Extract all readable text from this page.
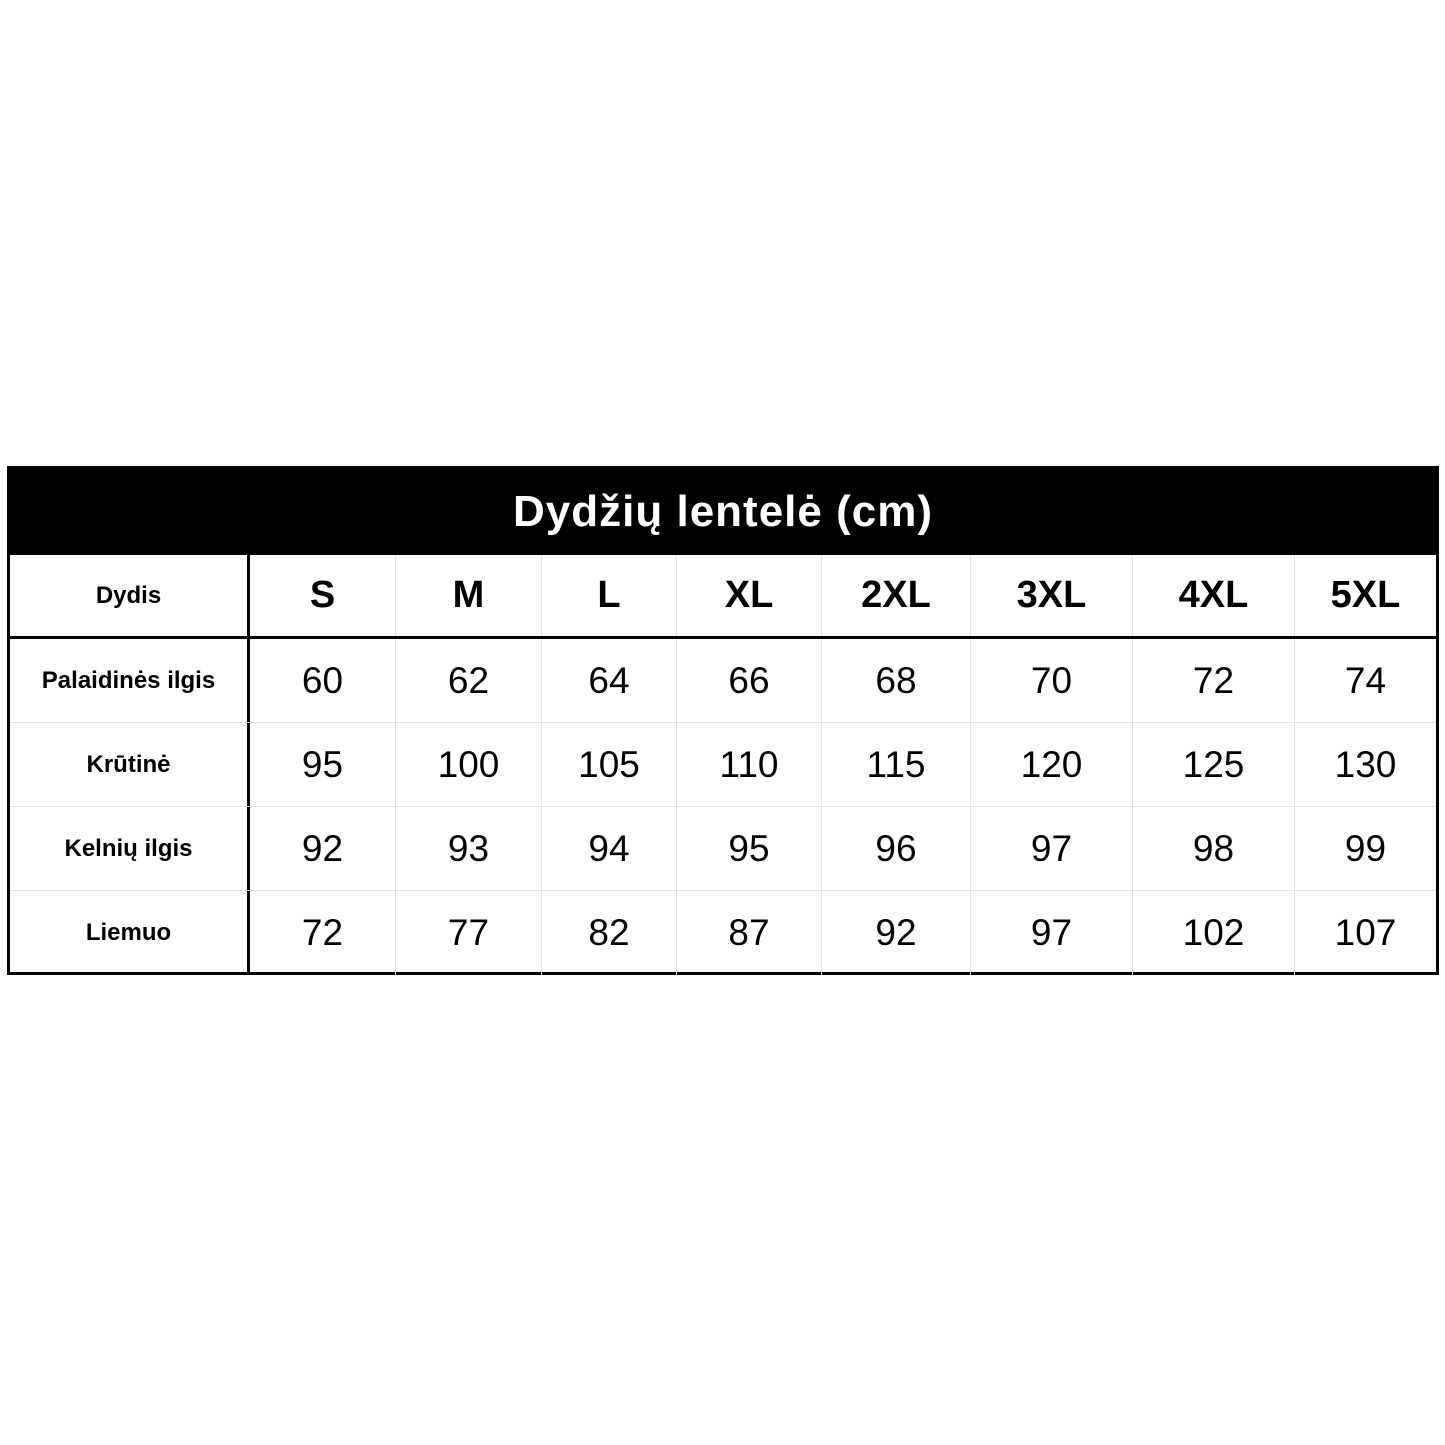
Dydžių lentelė (cm)
Dydis	S	M	L	XL	2XL	3XL	4XL	5XL
Palaidinės ilgis	60	62	64	66	68	70	72	74
Krūtinė	95	100	105	110	115	120	125	130
Kelnių ilgis	92	93	94	95	96	97	98	99
Liemuo	72	77	82	87	92	97	102	107
